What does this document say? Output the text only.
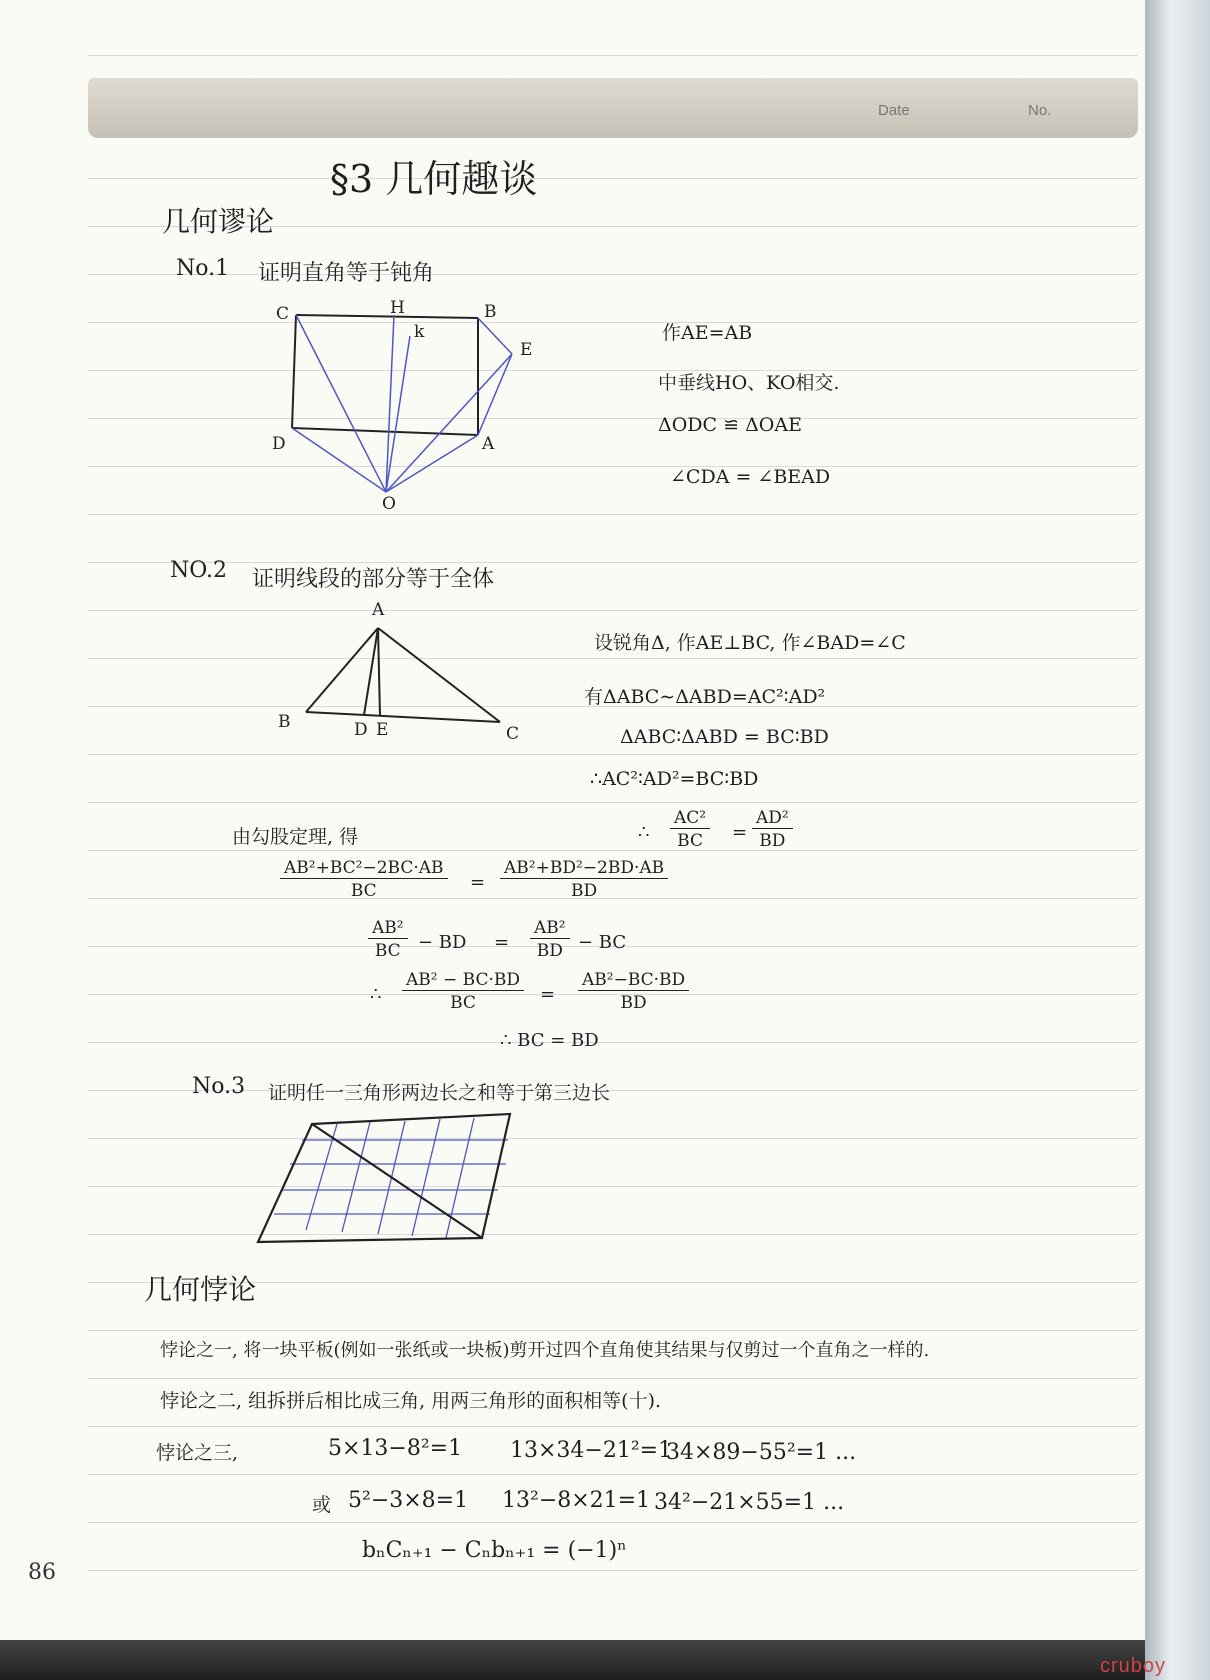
Date	No.
§3 几何趣谈
几何谬论
No.1 证明直角等于钝角
C	H
k
B
E
D	A
O
作AE=AB
中垂线HO、KO相交.
ΔODC ≌ ΔOAE
∠CDA = ∠BEAD
NO.2 证明线段的部分等于全体
A
B	D E	C
设锐角Δ, 作AE⊥BC, 作∠BAD=∠C
有ΔABC∼ΔABD=AC²∶AD²
ΔABC∶ΔABD = BC∶BD
∴AC²∶AD²=BC∶BD
∴ $\frac{\text{AC²}}{BC} = \frac{\text{AD²}}{BD}$
由勾股定理, 得
$\frac{\text{AB²+BC²−2BC·AB}}{BC} = \frac{\text{AB²+BD²−2BD·AB}}{BD}$
$\frac{\text{AB²}}{BC}$ − BD = $\frac{\text{AB²}}{BD}$ − BC
∴ $\frac{\text{AB² − BC·BD}}{BC} = \frac{\text{AB²−BC·BD}}{BD}$
∴ BC = BD
No.3 证明任一三角形两边长之和等于第三边长
几何悖论
悖论之一, 将一块平板(例如一张纸或一块板)剪开过四个直角使其结果与仅剪过一个直角之一样的.
悖论之二, 组拆拼后相比成三角, 用两三角形的面积相等(十).
悖论之三,	5×13−8²=1 13×34−21²=1
34×89−55²=1 ...
或 5²−3×8=1 13²−8×21=1 34²−21×55=1 ...
bₙCₙ₊₁ − Cₙbₙ₊₁ = (−1)ⁿ
86
cruboy
